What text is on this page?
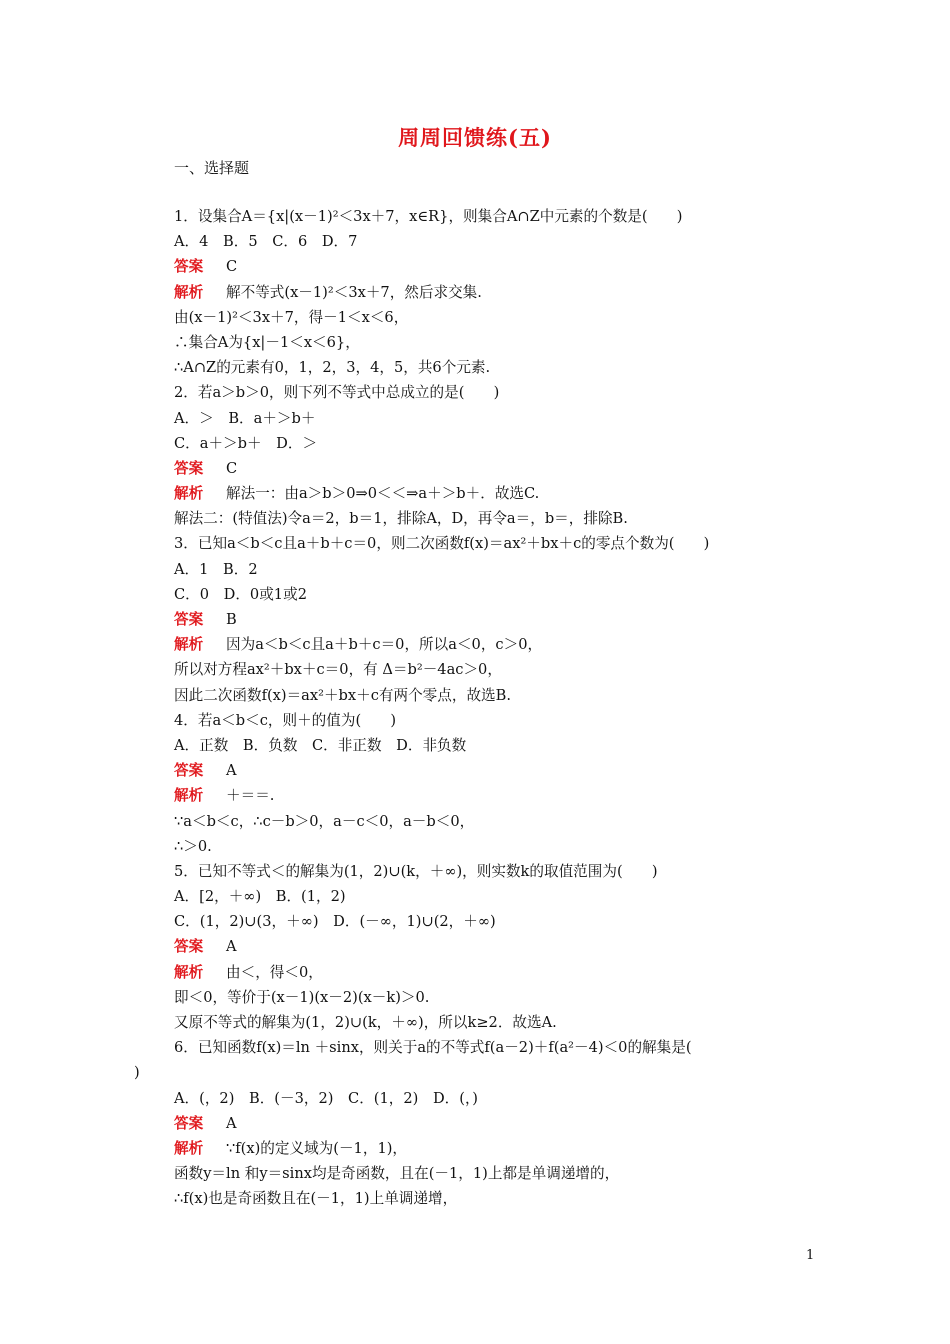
周周回馈练(五)
一、选择题
1．设集合A＝{x|(x－1)²＜3x＋7，x∈R}，则集合A∩Z中元素的个数是(　　)
A．4　B．5　C．6　D．7
答案 C
解析 解不等式(x－1)²＜3x＋7，然后求交集.
由(x－1)²＜3x＋7，得－1＜x＜6，
∴集合A为{x|－1＜x＜6}，
∴A∩Z的元素有0，1，2，3，4，5，共6个元素.
2．若a＞b＞0，则下列不等式中总成立的是(　　)
A．＞　B．a＋＞b＋
C．a＋＞b＋　D．＞
答案 C
解析 解法一：由a＞b＞0⇒0＜＜⇒a＋＞b＋．故选C.
解法二：(特值法)令a＝2，b＝1，排除A，D，再令a＝，b＝，排除B.
3．已知a＜b＜c且a＋b＋c＝0，则二次函数f(x)＝ax²＋bx＋c的零点个数为(　　)
A．1　B．2
C．0　D．0或1或2
答案 B
解析 因为a＜b＜c且a＋b＋c＝0，所以a＜0，c＞0，
所以对方程ax²＋bx＋c＝0，有 Δ＝b²－4ac＞0，
因此二次函数f(x)＝ax²＋bx＋c有两个零点，故选B.
4．若a＜b＜c，则＋的值为(　　)
A．正数　B．负数　C．非正数　D．非负数
答案 A
解析 ＋＝＝.
∵a＜b＜c，∴c－b＞0，a－c＜0，a－b＜0，
∴＞0.
5．已知不等式＜的解集为(1，2)∪(k，＋∞)，则实数k的取值范围为(　　)
A．[2，＋∞)　B．(1，2)
C．(1，2)∪(3，＋∞)　D．(－∞，1)∪(2，＋∞)
答案 A
解析 由＜，得＜0，
即＜0，等价于(x－1)(x－2)(x－k)＞0.
又原不等式的解集为(1，2)∪(k，＋∞)，所以k≥2．故选A.
6．已知函数f(x)＝ln ＋sinx，则关于a的不等式f(a－2)＋f(a²－4)＜0的解集是(
)
A．(，2)　B．(－3，2)　C．(1，2)　D．(，)
答案 A
解析 ∵f(x)的定义域为(－1，1)，
函数y＝ln 和y＝sinx均是奇函数，且在(－1，1)上都是单调递增的，
∴f(x)也是奇函数且在(－1，1)上单调递增，
1
